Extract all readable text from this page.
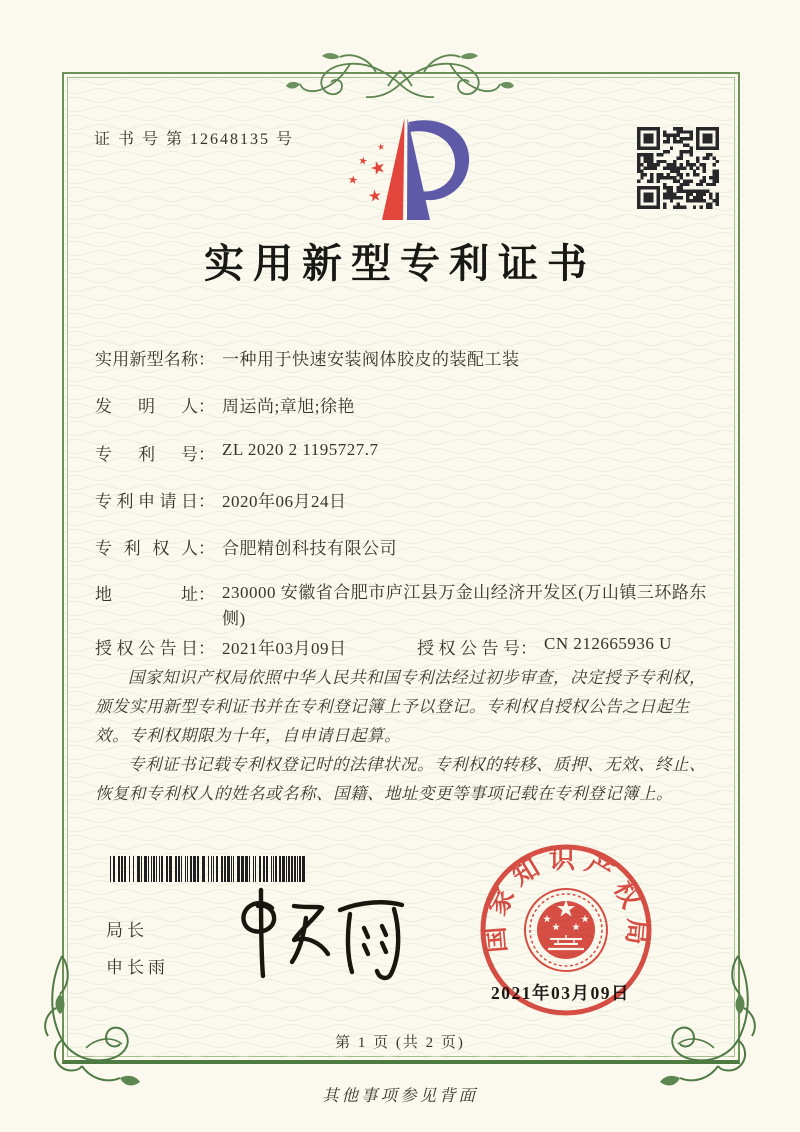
证 书 号 第 12648135 号
实用新型专利证书
实用新型名称： 一种用于快速安装阀体胶皮的装配工装
发明人： 周运尚;章旭;徐艳
专利号： ZL 2020 2 1195727.7
专利申请日： 2020年06月24日
专利权人： 合肥精创科技有限公司
地址： 230000 安徽省合肥市庐江县万金山经济开发区(万山镇三环路东侧)
授权公告日： 2021年03月09日	授权公告号： CN 212665936 U

国家知识产权局依照中华人民共和国专利法经过初步审查，决定授予专利权，颁发实用新型专利证书并在专利登记簿上予以登记。专利权自授权公告之日起生效。专利权期限为十年，自申请日起算。

专利证书记载专利权登记时的法律状况。专利权的转移、质押、无效、终止、恢复和专利权人的姓名或名称、国籍、地址变更等事项记载在专利登记簿上。

局长
申长雨
2021年03月09日
国家知识产权局
第 1 页 (共 2 页)
其他事项参见背面
